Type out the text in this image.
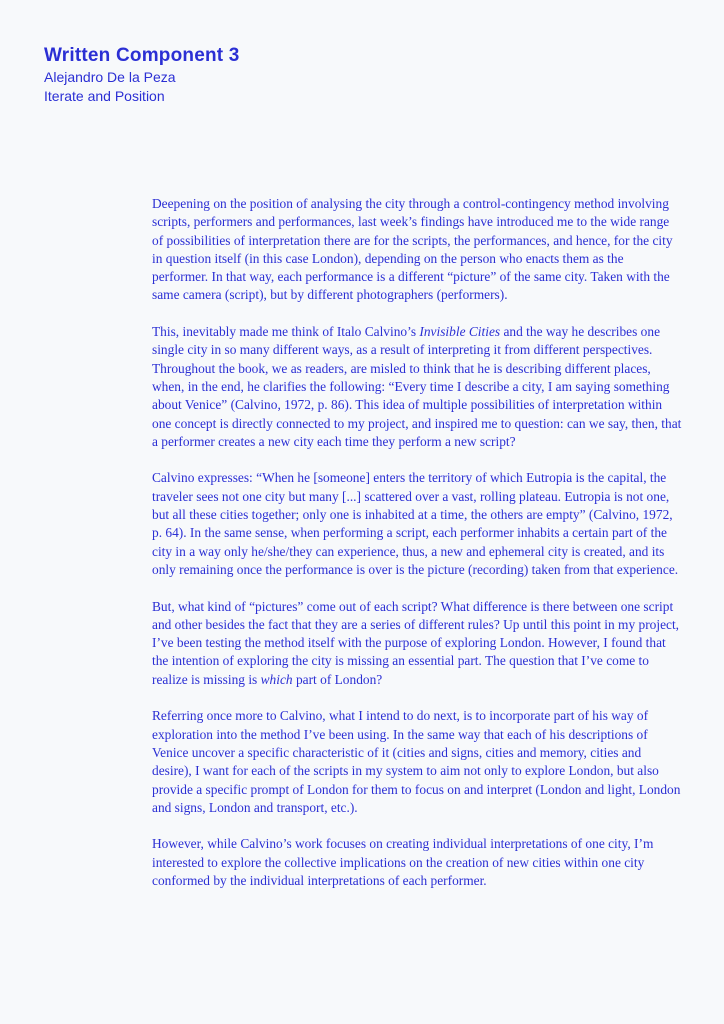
Written Component 3
Alejandro De la Peza
Iterate and Position

Deepening on the position of analysing the city through a control-contingency method involving scripts, performers and performances, last week’s findings have introduced me to the wide range of possibilities of interpretation there are for the scripts, the performances, and hence, for the city in question itself (in this case London), depending on the person who enacts them as the performer. In that way, each performance is a different “picture” of the same city. Taken with the same camera (script), but by different photographers (performers).

This, inevitably made me think of Italo Calvino’s Invisible Cities and the way he describes one single city in so many different ways, as a result of interpreting it from different perspectives. Throughout the book, we as readers, are misled to think that he is describing different places, when, in the end, he clarifies the following: “Every time I describe a city, I am saying something about Venice” (Calvino, 1972, p. 86). This idea of multiple possibilities of interpretation within one concept is directly connected to my project, and inspired me to question: can we say, then, that a performer creates a new city each time they perform a new script?

Calvino expresses: “When he [someone] enters the territory of which Eutropia is the capital, the traveler sees not one city but many [...] scattered over a vast, rolling plateau. Eutropia is not one, but all these cities together; only one is inhabited at a time, the others are empty” (Calvino, 1972, p. 64). In the same sense, when performing a script, each performer inhabits a certain part of the city in a way only he/she/they can experience, thus, a new and ephemeral city is created, and its only remaining once the performance is over is the picture (recording) taken from that experience.

But, what kind of “pictures” come out of each script? What difference is there between one script and other besides the fact that they are a series of different rules? Up until this point in my project, I’ve been testing the method itself with the purpose of exploring London. However, I found that the intention of exploring the city is missing an essential part. The question that I’ve come to realize is missing is which part of London?

Referring once more to Calvino, what I intend to do next, is to incorporate part of his way of exploration into the method I’ve been using. In the same way that each of his descriptions of Venice uncover a specific characteristic of it (cities and signs, cities and memory, cities and desire), I want for each of the scripts in my system to aim not only to explore London, but also provide a specific prompt of London for them to focus on and interpret (London and light, London and signs, London and transport, etc.).

However, while Calvino’s work focuses on creating individual interpretations of one city, I’m interested to explore the collective implications on the creation of new cities within one city conformed by the individual interpretations of each performer.
